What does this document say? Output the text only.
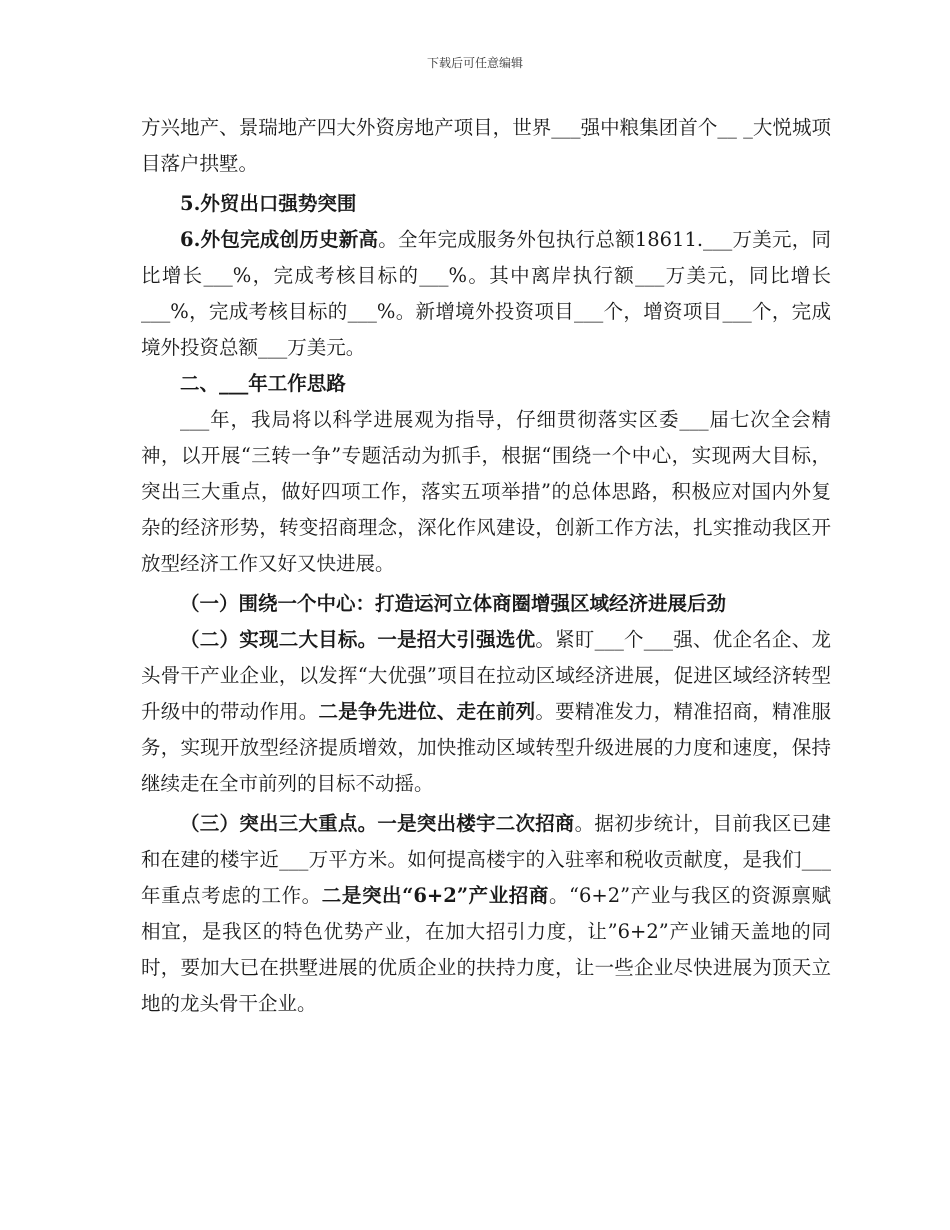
下载后可任意编辑

方兴地产、景瑞地产四大外资房地产项目，世界___强中粮集团首个__ _大悦城项目落户拱墅。

5.外贸出口强势突围

6.外包完成创历史新高。全年完成服务外包执行总额18611.___万美元，同比增长___%，完成考核目标的___%。其中离岸执行额___万美元，同比增长___%，完成考核目标的___%。新增境外投资项目___个，增资项目___个，完成境外投资总额___万美元。

二、___年工作思路

___年，我局将以科学进展观为指导，仔细贯彻落实区委___届七次全会精神，以开展“三转一争”专题活动为抓手，根据“围绕一个中心，实现两大目标，突出三大重点，做好四项工作，落实五项举措”的总体思路，积极应对国内外复杂的经济形势，转变招商理念，深化作风建设，创新工作方法，扎实推动我区开放型经济工作又好又快进展。

（一）围绕一个中心：打造运河立体商圈增强区域经济进展后劲

（二）实现二大目标。一是招大引强选优。紧盯___个___强、优企名企、龙头骨干产业企业，以发挥“大优强”项目在拉动区域经济进展，促进区域经济转型升级中的带动作用。二是争先进位、走在前列。要精准发力，精准招商，精准服务，实现开放型经济提质增效，加快推动区域转型升级进展的力度和速度，保持继续走在全市前列的目标不动摇。

（三）突出三大重点。一是突出楼宇二次招商。据初步统计，目前我区已建和在建的楼宇近___万平方米。如何提高楼宇的入驻率和税收贡献度，是我们___年重点考虑的工作。二是突出“6+2”产业招商。“6+2”产业与我区的资源禀赋相宜，是我区的特色优势产业，在加大招引力度，让”6+2”产业铺天盖地的同时，要加大已在拱墅进展的优质企业的扶持力度，让一些企业尽快进展为顶天立地的龙头骨干企业。
